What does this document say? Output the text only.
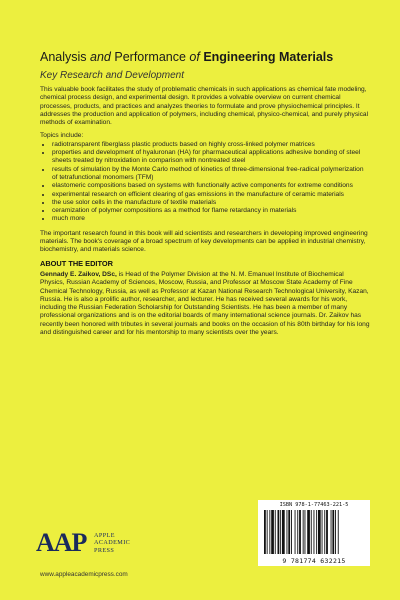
Analysis and Performance of Engineering Materials
Key Research and Development

This valuable book facilitates the study of problematic chemicals in such applications as chemical fate modeling, chemical process design, and experimental design. It provides a volvable overview on current chemical processes, products, and practices and analyzes theories to formulate and prove physiochemical principles. It addresses the production and application of polymers, including chemical, physico-chemical, and purely physical methods of examination.

Topics include:

• radiotransparent fiberglass plastic products based on highly cross-linked polymer matrices
• properties and development of hyaluronan (HA) for pharmaceutical applications adhesive bonding of steel sheets treated by nitroxidation in comparison with nontreated steel
• results of simulation by the Monte Carlo method of kinetics of three-dimensional free-radical polymerization of tetrafunctional monomers (TFM)
• elastomeric compositions based on systems with functionally active components for extreme conditions
• experimental research on efficient clearing of gas emissions in the manufacture of ceramic materials
• the use solor cells in the manufacture of textile materials
• ceramization of polymer compositions as a method for flame retardancy in materials
• much more

The important research found in this book will aid scientists and researchers in developing improved engineering materials. The book's coverage of a broad spectrum of key developments can be applied in industrial chemistry, biochemistry, and materials science.

ABOUT THE EDITOR

Gennady E. Zaikov, DSc, is Head of the Polymer Division at the N. M. Emanuel Institute of Biochemical Physics, Russian Academy of Sciences, Moscow, Russia, and Professor at Moscow State Academy of Fine Chemical Technology, Russia, as well as Professor at Kazan National Research Technological University, Kazan, Russia. He is also a prolific author, researcher, and lecturer. He has received several awards for his work, including the Russian Federation Scholarship for Outstanding Scientists. He has been a member of many professional organizations and is on the editorial boards of many international science journals. Dr. Zaikov has recently been honored with tributes in several journals and books on the occasion of his 80th birthday for his long and distinguished career and for his mentorship to many scientists over the years.

ISBN 978-1-77463-221-5
9 781774 632215
AAP APPLE
ACADEMIC
PRESS
www.appleacademicpress.com
